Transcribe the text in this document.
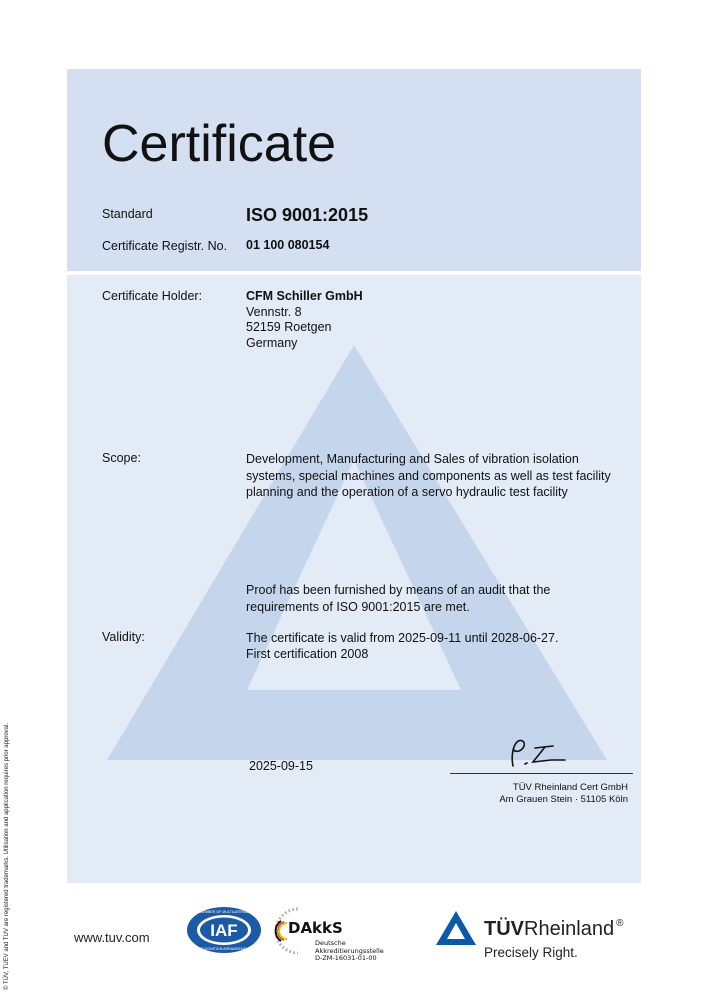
© TÜV, TUEV and TUV are registered trademarks. Utilisation and application requires prior approval.
Certificate
Standard	ISO 9001:2015
Certificate Registr. No. 01 100 080154
Certificate Holder:	CFM Schiller GmbH
Vennstr. 8
52159 Roetgen
Germany
Scope:	Development, Manufacturing and Sales of vibration isolation
systems, special machines and components as well as test facility
planning and the operation of a servo hydraulic test facility
Proof has been furnished by means of an audit that the
requirements of ISO 9001:2015 are met.
Validity:	The certificate is valid from 2025-09-11 until 2028-06-27.
First certification 2008
2025-09-15
TÜV Rheinland Cert GmbH
Am Grauen Stein · 51105 Köln
www.tuv.com	IAF
MEMBER OF MULTILATERAL
RECOGNITION ARRANGEMENT
DAkkS
Deutsche
Akkreditierungsstelle
D-ZM-16031-01-00
TÜVRheinland ®
Precisely Right.
